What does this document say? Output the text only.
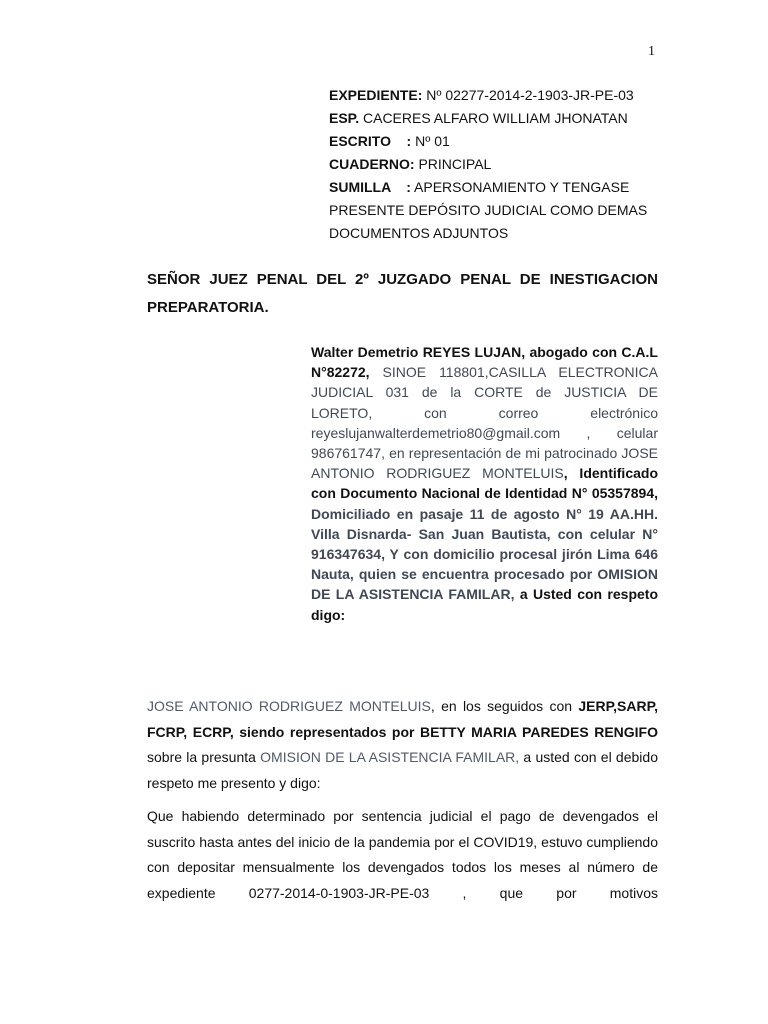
1
EXPEDIENTE: Nº 02277-2014-2-1903-JR-PE-03
ESP. CACERES ALFARO WILLIAM JHONATAN
ESCRITO    : Nº 01
CUADERNO: PRINCIPAL
SUMILLA    : APERSONAMIENTO Y TENGASE PRESENTE DEPÓSITO JUDICIAL COMO DEMAS DOCUMENTOS ADJUNTOS
SEÑOR JUEZ PENAL DEL 2º JUZGADO PENAL DE INESTIGACION PREPARATORIA.
Walter Demetrio REYES LUJAN, abogado con C.A.L N°82272, SINOE 118801,CASILLA ELECTRONICA JUDICIAL 031 de la CORTE de JUSTICIA DE LORETO, con correo electrónico reyeslujanwalterdemetrio80@gmail.com , celular 986761747, en representación de mi patrocinado JOSE ANTONIO RODRIGUEZ MONTELUIS, Identificado con Documento Nacional de Identidad N° 05357894, Domiciliado en pasaje 11 de agosto N° 19 AA.HH. Villa Disnarda- San Juan Bautista, con celular N° 916347634, Y con domicilio procesal jirón Lima 646 Nauta, quien se encuentra procesado por OMISION DE LA ASISTENCIA FAMILAR, a Usted con respeto digo:
JOSE ANTONIO RODRIGUEZ MONTELUIS, en los seguidos con JERP,SARP, FCRP, ECRP, siendo representados por BETTY MARIA PAREDES RENGIFO sobre la presunta OMISION DE LA ASISTENCIA FAMILAR, a usted con el debido respeto me presento y digo:
Que habiendo determinado por sentencia judicial el pago de devengados el suscrito hasta antes del inicio de la pandemia por el COVID19, estuvo cumpliendo con depositar mensualmente los devengados todos los meses al número de expediente 0277-2014-0-1903-JR-PE-03 , que por motivos
